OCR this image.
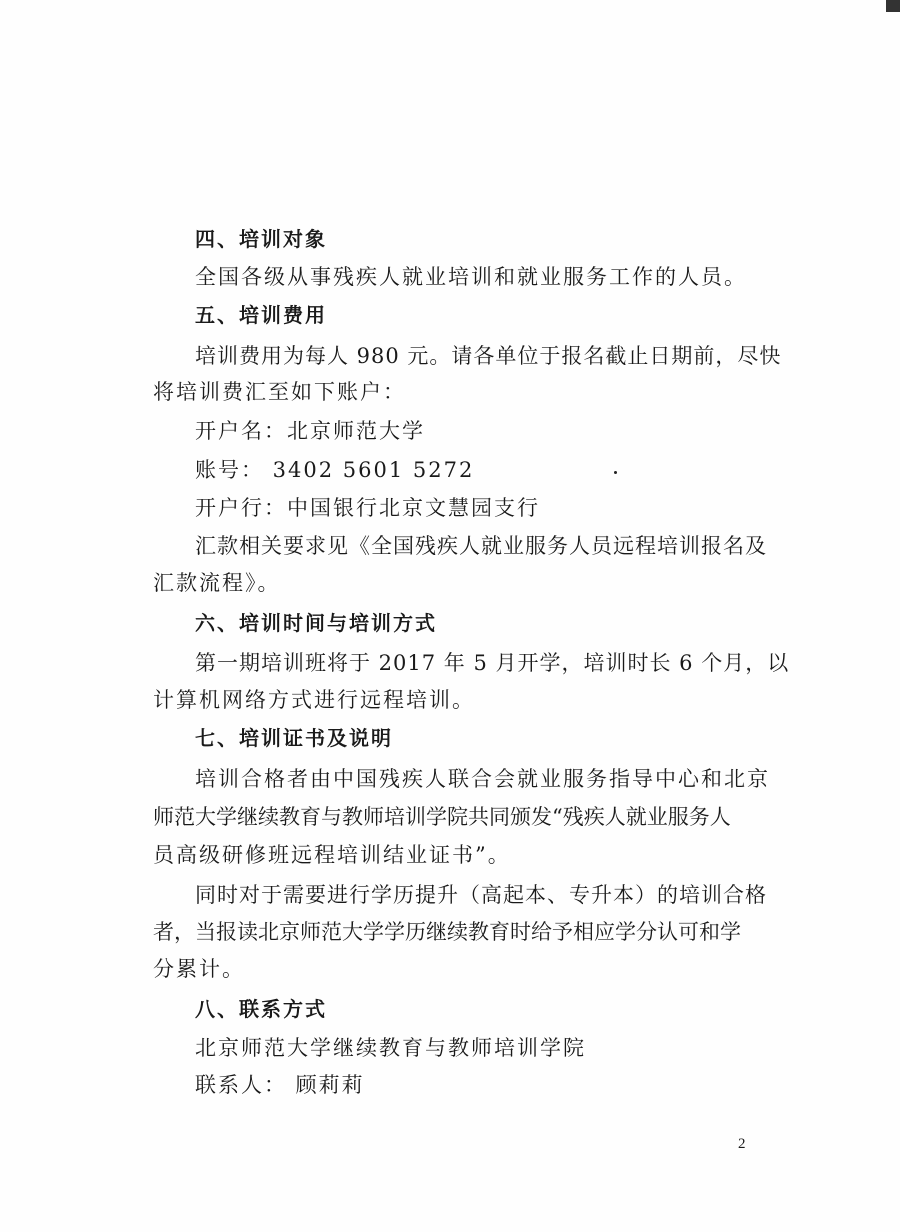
四、培训对象
全国各级从事残疾人就业培训和就业服务工作的人员。
五、培训费用
培训费用为每人 980 元。请各单位于报名截止日期前，尽快
将培训费汇至如下账户：
开户名：北京师范大学
账号： 3402 5601 5272
开户行：中国银行北京文慧园支行
汇款相关要求见《全国残疾人就业服务人员远程培训报名及
汇款流程》。
六、培训时间与培训方式
第一期培训班将于 2017 年 5 月开学，培训时长 6 个月，以
计算机网络方式进行远程培训。
七、培训证书及说明
培训合格者由中国残疾人联合会就业服务指导中心和北京
师范大学继续教育与教师培训学院共同颁发“残疾人就业服务人
员高级研修班远程培训结业证书”。
同时对于需要进行学历提升（高起本、专升本）的培训合格
者，当报读北京师范大学学历继续教育时给予相应学分认可和学
分累计。
八、联系方式
北京师范大学继续教育与教师培训学院
联系人： 顾莉莉
2
